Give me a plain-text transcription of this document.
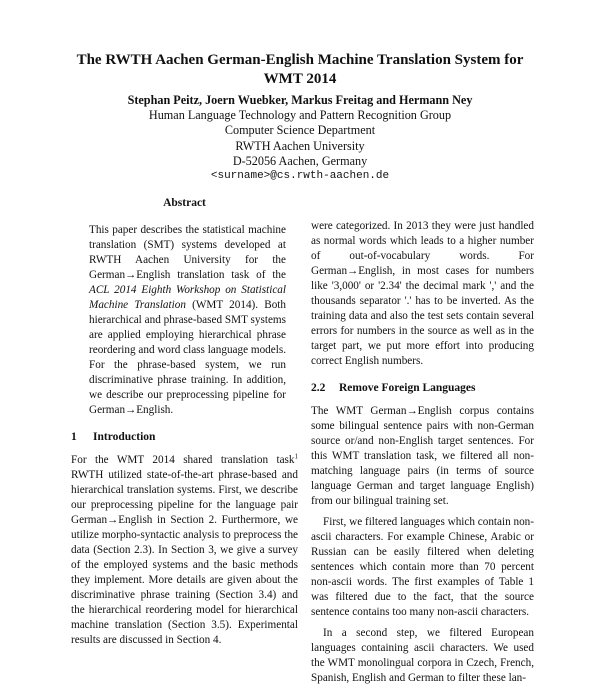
The RWTH Aachen German-English Machine Translation System for WMT 2014
Stephan Peitz, Joern Wuebker, Markus Freitag and Hermann Ney
Human Language Technology and Pattern Recognition Group
Computer Science Department
RWTH Aachen University
D-52056 Aachen, Germany
<surname>@cs.rwth-aachen.de
Abstract

This paper describes the statistical machine translation (SMT) systems developed at RWTH Aachen University for the German→English translation task of the ACL 2014 Eighth Workshop on Statistical Machine Translation (WMT 2014). Both hierarchical and phrase-based SMT systems are applied employing hierarchical phrase reordering and word class language models. For the phrase-based system, we run discriminative phrase training. In addition, we describe our preprocessing pipeline for German→English.

1 Introduction

For the WMT 2014 shared translation task$^1$ RWTH utilized state-of-the-art phrase-based and hierarchical translation systems. First, we describe our preprocessing pipeline for the language pair German→English in Section 2. Furthermore, we utilize morpho-syntactic analysis to preprocess the data (Section 2.3). In Section 3, we give a survey of the employed systems and the basic methods they implement. More details are given about the discriminative phrase training (Section 3.4) and the hierarchical reordering model for hierarchical machine translation (Section 3.5). Experimental results are discussed in Section 4.

were categorized. In 2013 they were just handled as normal words which leads to a higher number of out-of-vocabulary words. For German→English, in most cases for numbers like '3,000' or '2.34' the decimal mark ',' and the thousands separator '.' has to be inverted. As the training data and also the test sets contain several errors for numbers in the source as well as in the target part, we put more effort into producing correct English numbers.

2.2 Remove Foreign Languages

The WMT German→English corpus contains some bilingual sentence pairs with non-German source or/and non-English target sentences. For this WMT translation task, we filtered all non-matching language pairs (in terms of source language German and target language English) from our bilingual training set.

First, we filtered languages which contain non-ascii characters. For example Chinese, Arabic or Russian can be easily filtered when deleting sentences which contain more than 70 percent non-ascii words. The first examples of Table 1 was filtered due to the fact, that the source sentence contains too many non-ascii characters.

In a second step, we filtered European languages containing ascii characters. We used the WMT monolingual corpora in Czech, French, Spanish, English and German to filter these lan-
